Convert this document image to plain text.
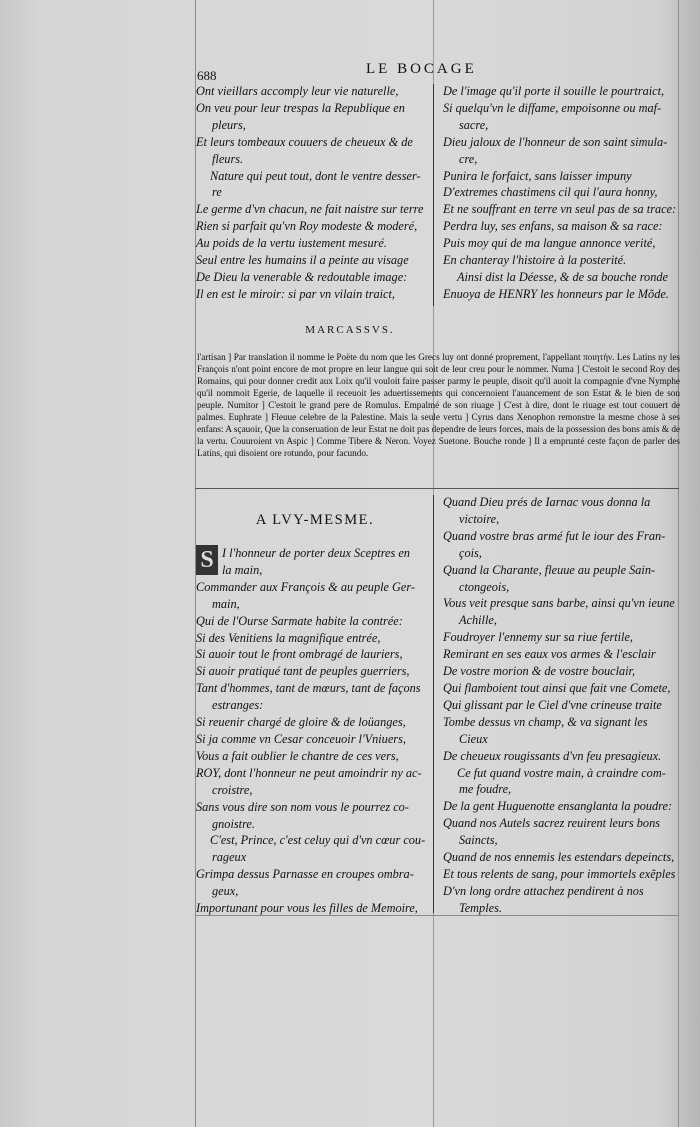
688	LE BOCAGE

Ont vieillars accomply leur vie naturelle,

On veu pour leur trespas la Republique en

pleurs,

Et leurs tombeaux couuers de cheueux & de

fleurs.

Nature qui peut tout, dont le ventre desser-

re

Le germe d'vn chacun, ne fait naistre sur terre

Rien si parfait qu'vn Roy modeste & moderé,

Au poids de la vertu iustement mesuré.

Seul entre les humains il a peinte au visage

De Dieu la venerable & redoutable image:

Il en est le miroir: si par vn vilain traict,

De l'image qu'il porte il souille le pourtraict,

Si quelqu'vn le diffame, empoisonne ou maf-

sacre,

Dieu jaloux de l'honneur de son saint simula-

cre,

Punira le forfaict, sans laisser impuny

D'extremes chastimens cil qui l'aura honny,

Et ne souffrant en terre vn seul pas de sa trace:

Perdra luy, ses enfans, sa maison & sa race:

Puis moy qui de ma langue annonce verité,

En chanteray l'histoire à la posterité.

Ainsi dist la Déesse, & de sa bouche ronde

Enuoya de HENRY les honneurs par le Mõde.

MARCASSVS.

l'artisan ] Par translation il nomme le Poëte du nom que les Grecs luy ont donné proprement, l'appellant ποιητὴν. Les Latins ny les François n'ont point encore de mot propre en leur langue qui soit de leur creu pour le nommer. Numa ] C'estoit le second Roy des Romains, qui pour donner credit aux Loix qu'il vouloit faire passer parmy le peuple, disoit qu'il auoit la compagnie d'vne Nymphe qu'il nommoit Egerie, de laquelle il receuoit les aduertissements qui concernoient l'auancement de son Estat & le bien de son peuple. Numitor ] C'estoit le grand pere de Romulus. Empalmé de son riuage ] C'est à dire, dont le riuage est tout couuert de palmes. Euphrate ] Fleuue celebre de la Palestine. Mais la seule vertu ] Cyrus dans Xenophon remonstre la mesme chose à ses enfans: A sçauoir, Que la conseruation de leur Estat ne doit pas dependre de leurs forces, mais de la possession des bons amis & de la vertu. Couuroient vn Aspic ] Comme Tibere & Neron. Voyez Suetone. Bouche ronde ] Il a emprunté ceste façon de parler des Latins, qui disoient ore rotundo, pour facundo.

A LVY-MESME.
S I l'honneur de porter deux Sceptres en

la main,

Commander aux François & au peuple Ger-

main,

Qui de l'Ourse Sarmate habite la contrée:

Si des Venitiens la magnifique entrée,

Si auoir tout le front ombragé de lauriers,

Si auoir pratiqué tant de peuples guerriers,

Tant d'hommes, tant de mœurs, tant de façons

estranges:

Si reuenir chargé de gloire & de loüanges,

Si ja comme vn Cesar conceuoir l'Vniuers,

Vous a fait oublier le chantre de ces vers,

ROY, dont l'honneur ne peut amoindrir ny ac-

croistre,

Sans vous dire son nom vous le pourrez co-

gnoistre.

C'est, Prince, c'est celuy qui d'vn cœur cou-

rageux

Grimpa dessus Parnasse en croupes ombra-

geux,

Importunant pour vous les filles de Memoire,

Quand Dieu prés de Iarnac vous donna la

victoire,

Quand vostre bras armé fut le iour des Fran-

çois,

Quand la Charante, fleuue au peuple Sain-

ctongeois,

Vous veit presque sans barbe, ainsi qu'vn ieune

Achille,

Foudroyer l'ennemy sur sa riue fertile,

Remirant en ses eaux vos armes & l'esclair

De vostre morion & de vostre bouclair,

Qui flamboient tout ainsi que fait vne Comete,

Qui glissant par le Ciel d'vne crineuse traite

Tombe dessus vn champ, & va signant les

Cieux

De cheueux rougissants d'vn feu presagieux.

Ce fut quand vostre main, à craindre com-

me foudre,

De la gent Huguenotte ensanglanta la poudre:

Quand nos Autels sacrez reuirent leurs bons

Saincts,

Quand de nos ennemis les estendars depeincts,

Et tous relents de sang, pour immortels exẽples

D'vn long ordre attachez pendirent à nos

Temples.
